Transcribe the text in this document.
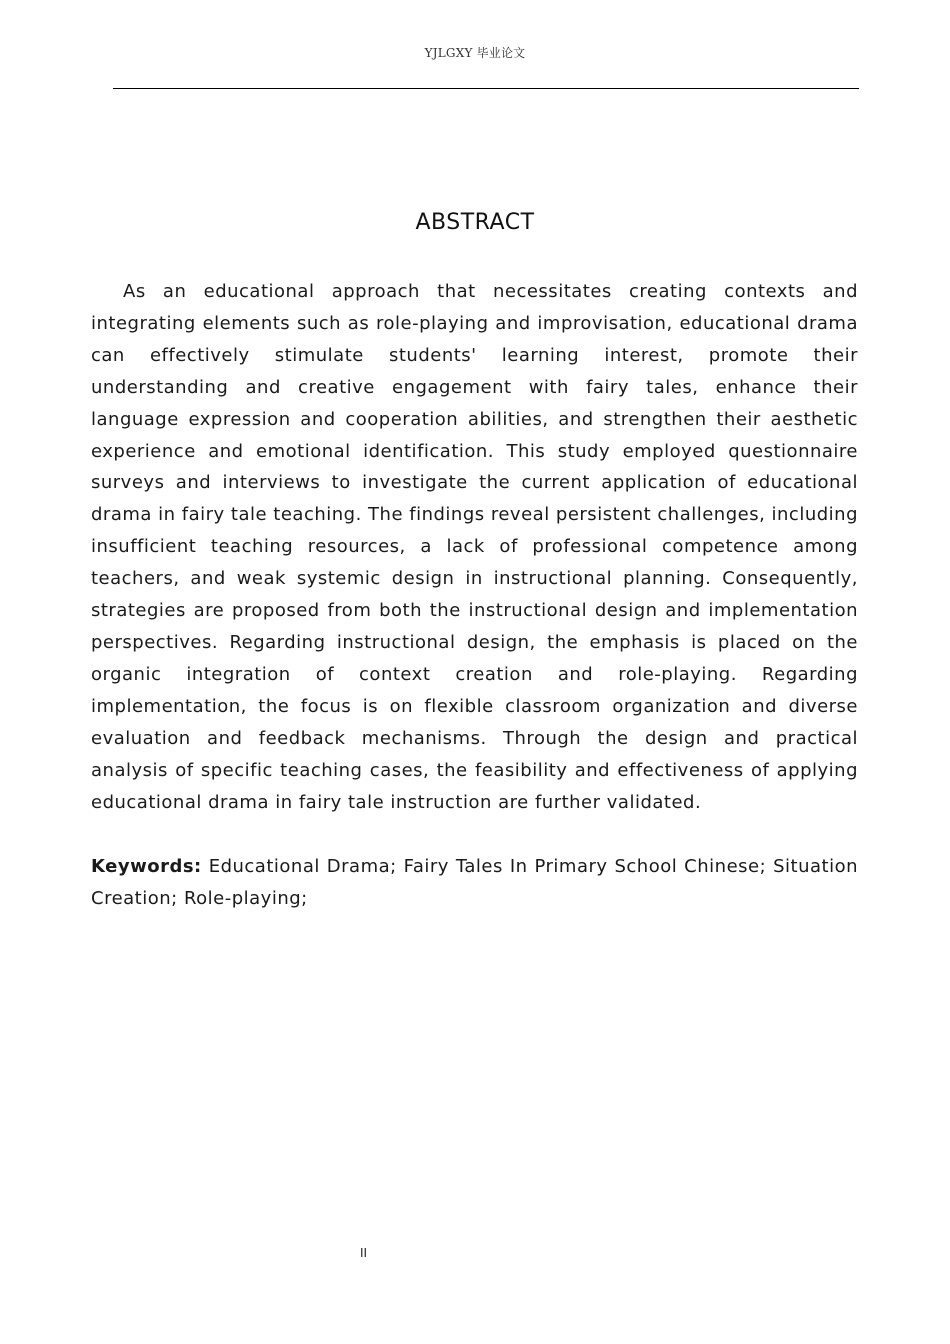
YJLGXY 毕业论文
ABSTRACT

As an educational approach that necessitates creating contexts and integrating elements such as role-playing and improvisation, educational drama can effectively stimulate students' learning interest, promote their understanding and creative engagement with fairy tales, enhance their language expression and cooperation abilities, and strengthen their aesthetic experience and emotional identification. This study employed questionnaire surveys and interviews to investigate the current application of educational drama in fairy tale teaching. The findings reveal persistent challenges, including insufficient teaching resources, a lack of professional competence among teachers, and weak systemic design in instructional planning. Consequently, strategies are proposed from both the instructional design and implementation perspectives. Regarding instructional design, the emphasis is placed on the organic integration of context creation and role-playing. Regarding implementation, the focus is on flexible classroom organization and diverse evaluation and feedback mechanisms. Through the design and practical analysis of specific teaching cases, the feasibility and effectiveness of applying educational drama in fairy tale instruction are further validated.

Keywords: Educational Drama; Fairy Tales In Primary School Chinese; Situation Creation; Role-playing;

II
